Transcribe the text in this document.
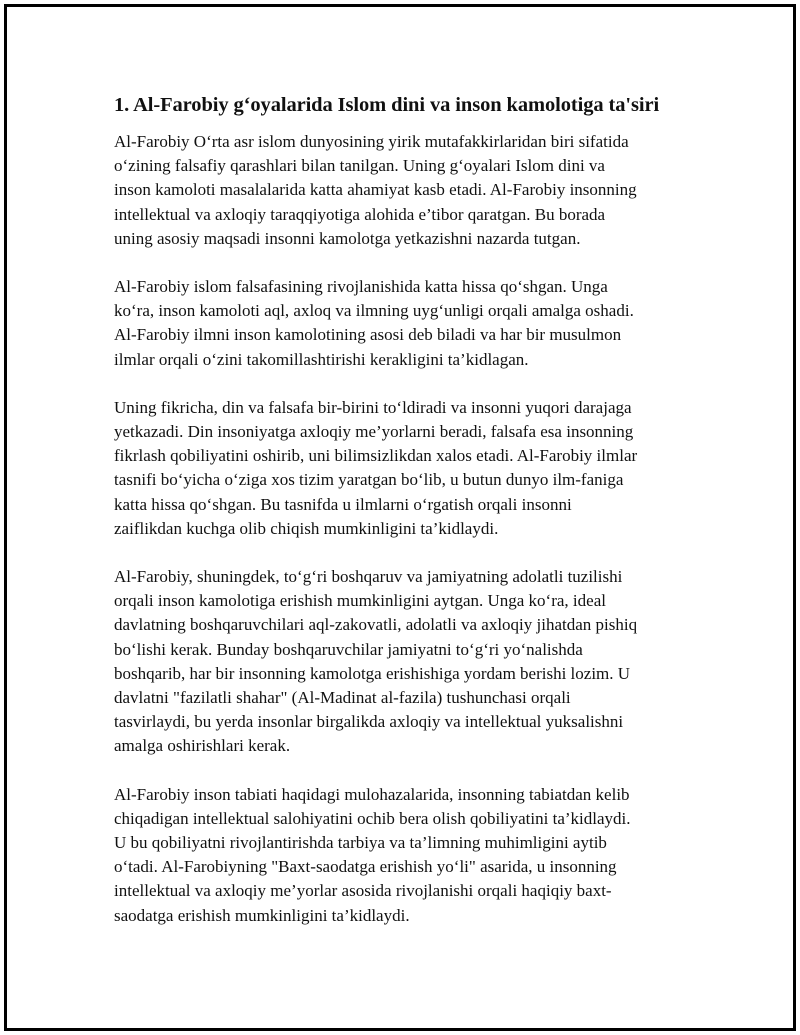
1. Al-Farobiy g‘oyalarida Islom dini va inson kamolotiga ta'siri

Al-Farobiy O‘rta asr islom dunyosining yirik mutafakkirlaridan biri sifatida
o‘zining falsafiy qarashlari bilan tanilgan. Uning g‘oyalari Islom dini va
inson kamoloti masalalarida katta ahamiyat kasb etadi. Al-Farobiy insonning
intellektual va axloqiy taraqqiyotiga alohida e’tibor qaratgan. Bu borada
uning asosiy maqsadi insonni kamolotga yetkazishni nazarda tutgan.

Al-Farobiy islom falsafasining rivojlanishida katta hissa qo‘shgan. Unga
ko‘ra, inson kamoloti aql, axloq va ilmning uyg‘unligi orqali amalga oshadi.
Al-Farobiy ilmni inson kamolotining asosi deb biladi va har bir musulmon
ilmlar orqali o‘zini takomillashtirishi kerakligini ta’kidlagan.

Uning fikricha, din va falsafa bir-birini to‘ldiradi va insonni yuqori darajaga
yetkazadi. Din insoniyatga axloqiy me’yorlarni beradi, falsafa esa insonning
fikrlash qobiliyatini oshirib, uni bilimsizlikdan xalos etadi. Al-Farobiy ilmlar
tasnifi bo‘yicha o‘ziga xos tizim yaratgan bo‘lib, u butun dunyo ilm-faniga
katta hissa qo‘shgan. Bu tasnifda u ilmlarni o‘rgatish orqali insonni
zaiflikdan kuchga olib chiqish mumkinligini ta’kidlaydi.

Al-Farobiy, shuningdek, to‘g‘ri boshqaruv va jamiyatning adolatli tuzilishi
orqali inson kamolotiga erishish mumkinligini aytgan. Unga ko‘ra, ideal
davlatning boshqaruvchilari aql-zakovatli, adolatli va axloqiy jihatdan pishiq
bo‘lishi kerak. Bunday boshqaruvchilar jamiyatni to‘g‘ri yo‘nalishda
boshqarib, har bir insonning kamolotga erishishiga yordam berishi lozim. U
davlatni "fazilatli shahar" (Al-Madinat al-fazila) tushunchasi orqali
tasvirlaydi, bu yerda insonlar birgalikda axloqiy va intellektual yuksalishni
amalga oshirishlari kerak.

Al-Farobiy inson tabiati haqidagi mulohazalarida, insonning tabiatdan kelib
chiqadigan intellektual salohiyatini ochib bera olish qobiliyatini ta’kidlaydi.
U bu qobiliyatni rivojlantirishda tarbiya va ta’limning muhimligini aytib
o‘tadi. Al-Farobiyning "Baxt-saodatga erishish yo‘li" asarida, u insonning
intellektual va axloqiy me’yorlar asosida rivojlanishi orqali haqiqiy baxt-
saodatga erishish mumkinligini ta’kidlaydi.
